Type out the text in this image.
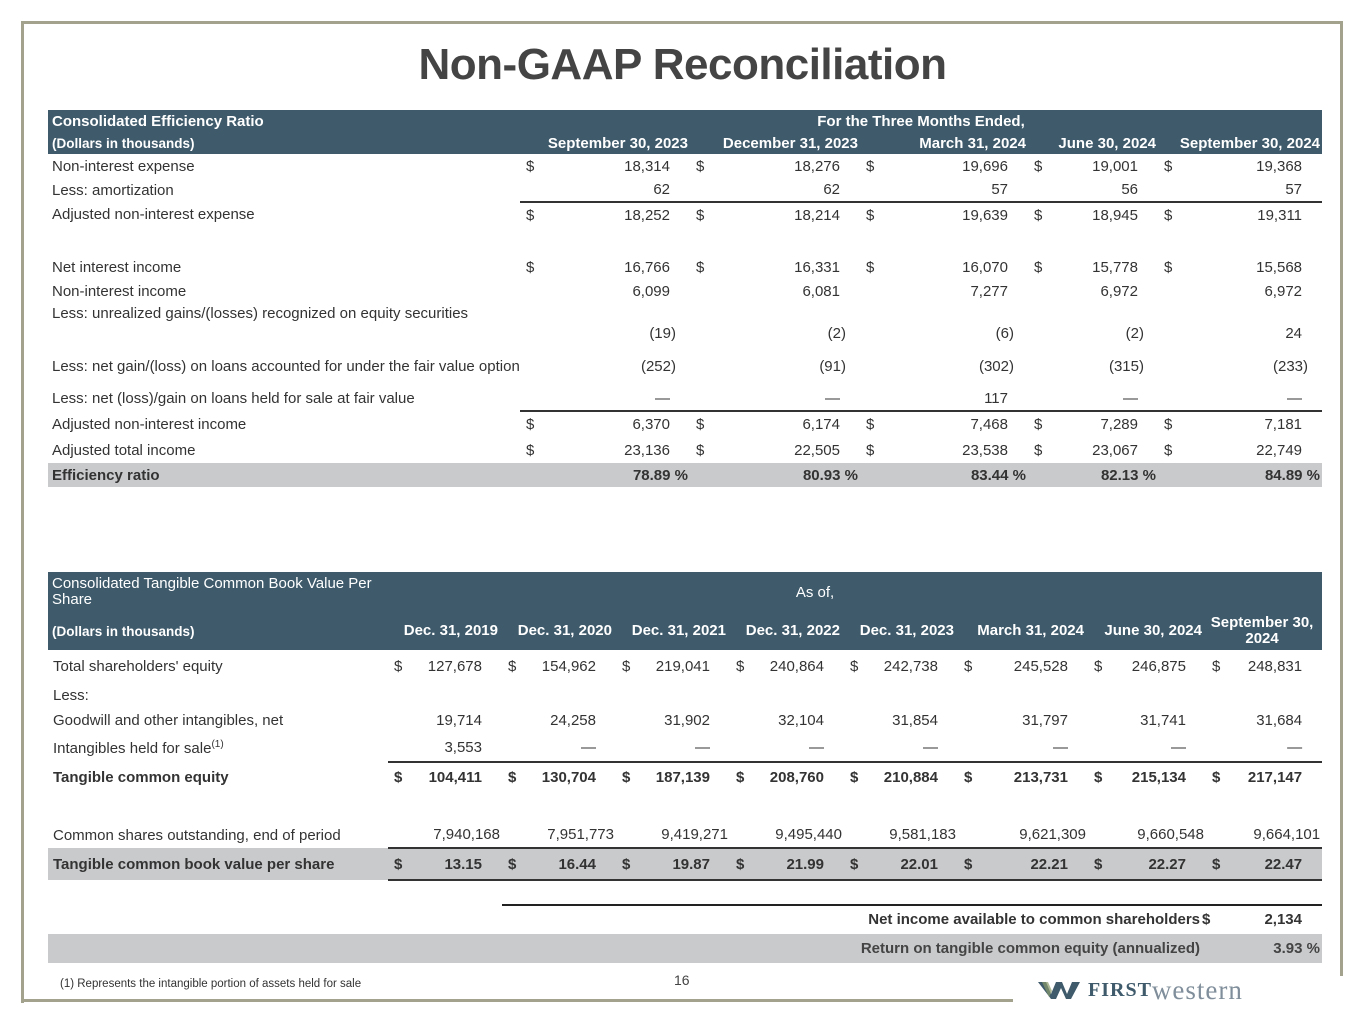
Non-GAAP Reconciliation
Consolidated Efficiency Ratio	For the Three Months Ended,									
(Dollars in thousands)	September 30, 2023		December 31, 2023		March 31, 2024		June 30, 2024		September 30, 2024	
Non-interest expense	$	18,314	$	18,276	$	19,696	$	19,001	$	19,368
Less: amortization		62		62		57		56		57
Adjusted non-interest expense	$	18,252	$	18,214	$	19,639	$	18,945	$	19,311

Net interest income	$	16,766	$	16,331	$	16,070	$	15,778	$	15,568
Non-interest income		6,099		6,081		7,277		6,972		6,972
Less: unrealized gains/(losses) recognized on equity securities		(19)		(2)		(6)		(2)		24
Less: net gain/(loss) on loans accounted for under the fair value option		(252)		(91)		(302)		(315)		(233)
Less: net (loss)/gain on loans held for sale at fair value		—		—		117		—		—
Adjusted non-interest income	$	6,370	$	6,174	$	7,468	$	7,289	$	7,181
Adjusted total income	$	23,136	$	22,505	$	23,538	$	23,067	$	22,749
Efficiency ratio		78.89 %		80.93 %		83.44 %		82.13 %		84.89 %
Consolidated Tangible Common Book Value Per Share	As of,															
(Dollars in thousands)	Dec. 31, 2019		Dec. 31, 2020		Dec. 31, 2021		Dec. 31, 2022		Dec. 31, 2023		March 31, 2024		June 30, 2024		September 30, 2024	
Total shareholders' equity	$	127,678	$	154,962	$	219,041	$	240,864	$	242,738	$	245,528	$	246,875	$	248,831
Less:																
Goodwill and other intangibles, net		19,714		24,258		31,902		32,104		31,854		31,797		31,741		31,684
Intangibles held for sale$^{(1)}$		3,553		—		—		—		—		—		—		—
Tangible common equity	$	104,411	$	130,704	$	187,139	$	208,760	$	210,884	$	213,731	$	215,134	$	217,147

Common shares outstanding, end of period		7,940,168		7,951,773		9,419,271		9,495,440		9,581,183		9,621,309		9,660,548		9,664,101
Tangible common book value per share	$	13.15	$	16.44	$	19.87	$	21.99	$	22.01	$	22.21	$	22.27	$	22.47
Net income available to common shareholders $	2,134
Return on tangible common equity (annualized)	3.93 %
(1) Represents the intangible portion of assets held for sale	16	FIRST western
